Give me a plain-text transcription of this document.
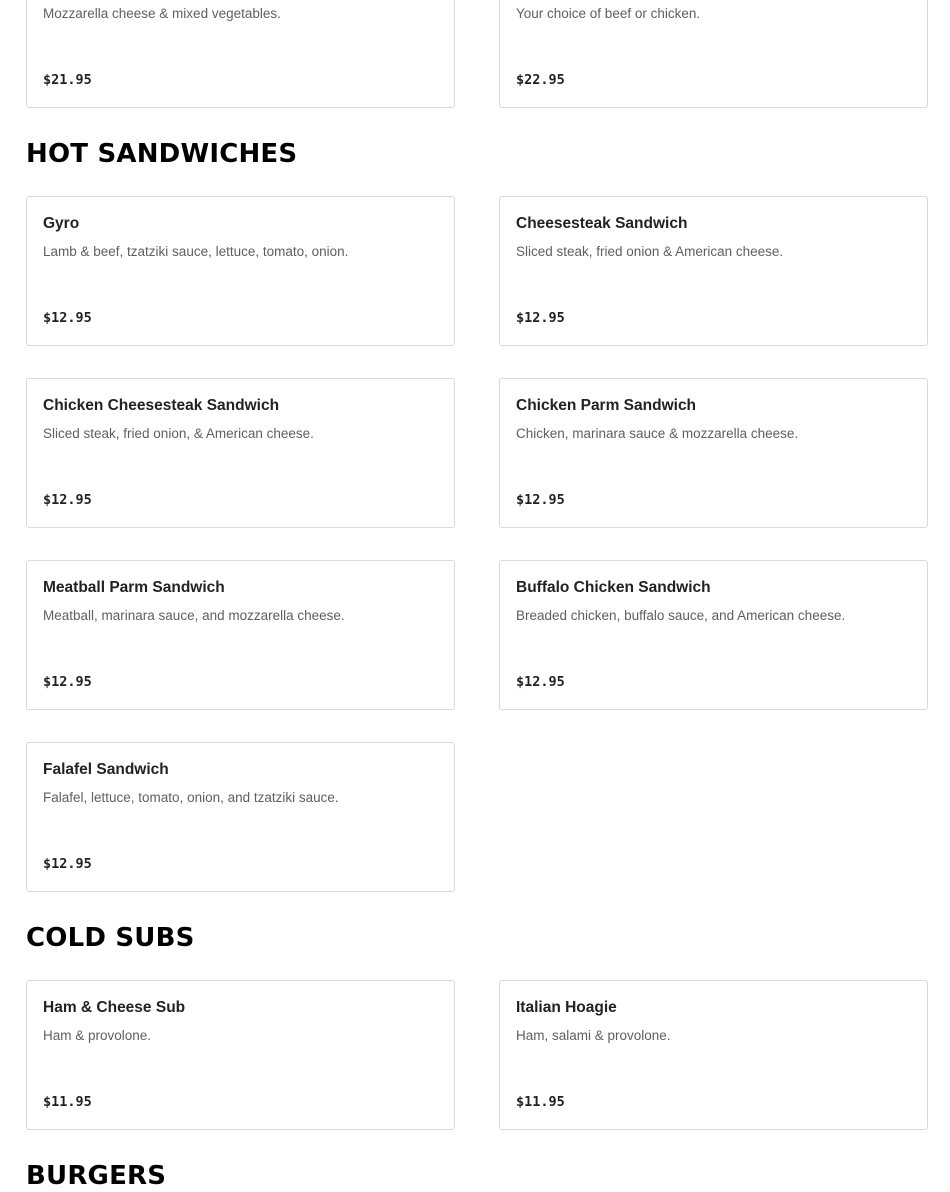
Mozzarella cheese & mixed vegetables.
$21.95
Your choice of beef or chicken.
$22.95
HOT SANDWICHES
Gyro
Lamb & beef, tzatziki sauce, lettuce, tomato, onion.
$12.95
Cheesesteak Sandwich
Sliced steak, fried onion & American cheese.
$12.95
Chicken Cheesesteak Sandwich
Sliced steak, fried onion, & American cheese.
$12.95
Chicken Parm Sandwich
Chicken, marinara sauce & mozzarella cheese.
$12.95
Meatball Parm Sandwich
Meatball, marinara sauce, and mozzarella cheese.
$12.95
Buffalo Chicken Sandwich
Breaded chicken, buffalo sauce, and American cheese.
$12.95
Falafel Sandwich
Falafel, lettuce, tomato, onion, and tzatziki sauce.
$12.95
COLD SUBS
Ham & Cheese Sub
Ham & provolone.
$11.95
Italian Hoagie
Ham, salami & provolone.
$11.95
BURGERS
